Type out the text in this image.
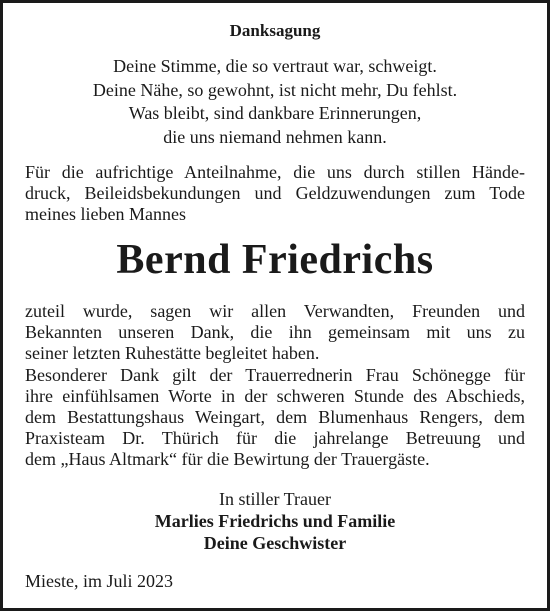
Danksagung
Deine Stimme, die so vertraut war, schweigt.
Deine Nähe, so gewohnt, ist nicht mehr, Du fehlst.
Was bleibt, sind dankbare Erinnerungen,
die uns niemand nehmen kann.
Für die aufrichtige Anteilnahme, die uns durch stillen Hände-
druck, Beileidsbekundungen und Geldzuwendungen zum Tode
meines lieben Mannes
Bernd Friedrichs
zuteil wurde, sagen wir allen Verwandten, Freunden und
Bekannten unseren Dank, die ihn gemeinsam mit uns zu
seiner letzten Ruhestätte begleitet haben.
Besonderer Dank gilt der Trauerrednerin Frau Schönegge für
ihre einfühlsamen Worte in der schweren Stunde des Abschieds,
dem Bestattungshaus Weingart, dem Blumenhaus Rengers, dem
Praxisteam Dr. Thürich für die jahrelange Betreuung und
dem „Haus Altmark“ für die Bewirtung der Trauergäste.
In stiller Trauer
Marlies Friedrichs und Familie
Deine Geschwister
Mieste, im Juli 2023
